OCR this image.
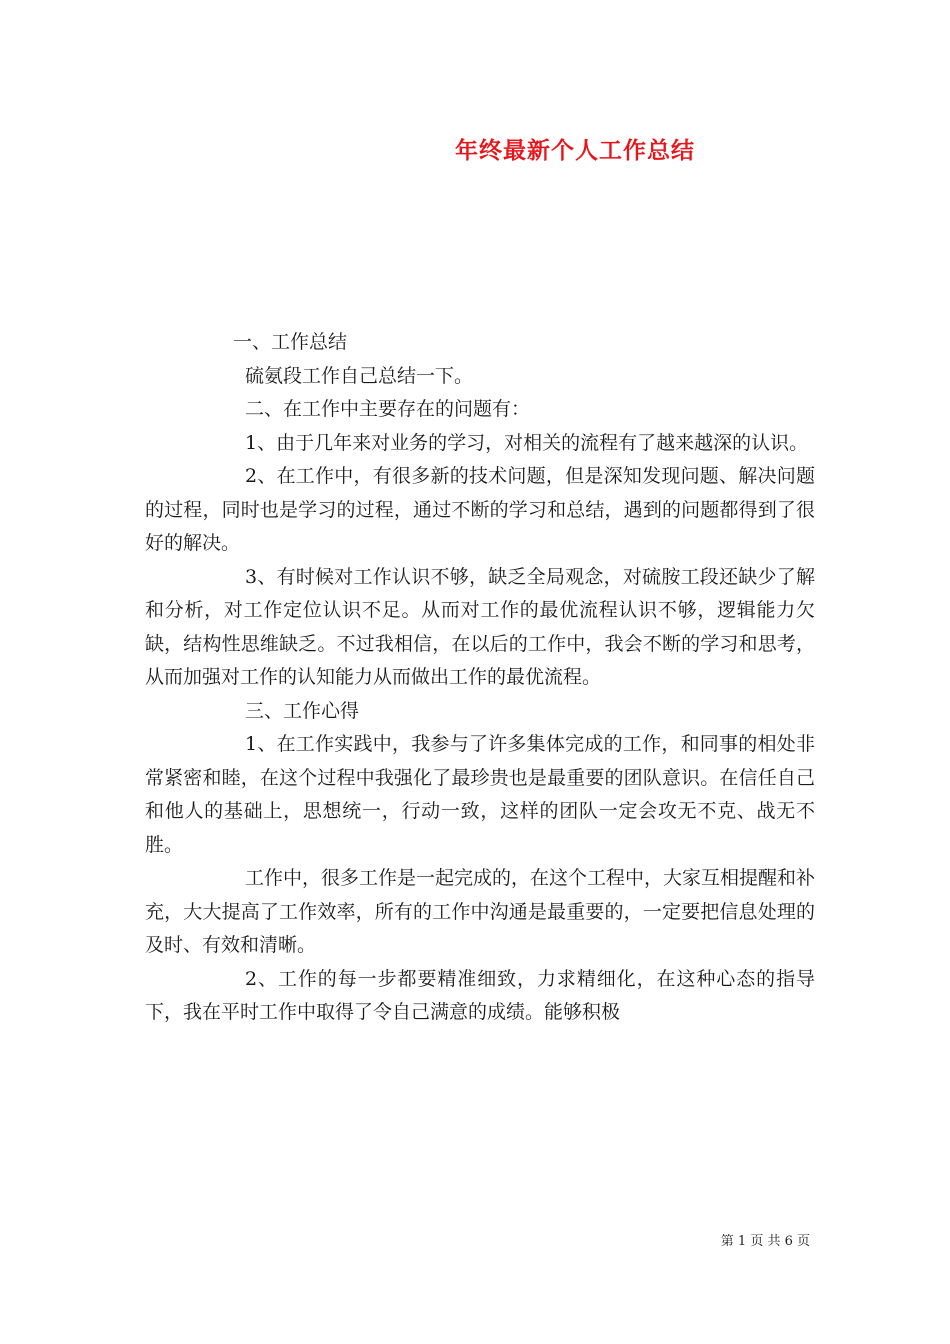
年终最新个人工作总结

一、工作总结

硫氨段工作自己总结一下。

二、在工作中主要存在的问题有：

1、由于几年来对业务的学习，对相关的流程有了越来越深的认识。

2、在工作中，有很多新的技术问题，但是深知发现问题、解决问题的过程，同时也是学习的过程，通过不断的学习和总结，遇到的问题都得到了很好的解决。

3、有时候对工作认识不够，缺乏全局观念，对硫胺工段还缺少了解和分析，对工作定位认识不足。从而对工作的最优流程认识不够，逻辑能力欠缺，结构性思维缺乏。不过我相信，在以后的工作中，我会不断的学习和思考，从而加强对工作的认知能力从而做出工作的最优流程。

三、工作心得

1、在工作实践中，我参与了许多集体完成的工作，和同事的相处非常紧密和睦，在这个过程中我强化了最珍贵也是最重要的团队意识。在信任自己和他人的基础上，思想统一，行动一致，这样的团队一定会攻无不克、战无不胜。

工作中，很多工作是一起完成的，在这个工程中，大家互相提醒和补充，大大提高了工作效率，所有的工作中沟通是最重要的，一定要把信息处理的及时、有效和清晰。

2、工作的每一步都要精准细致，力求精细化，在这种心态的指导下，我在平时工作中取得了令自己满意的成绩。能够积极

第 1 页 共 6 页
